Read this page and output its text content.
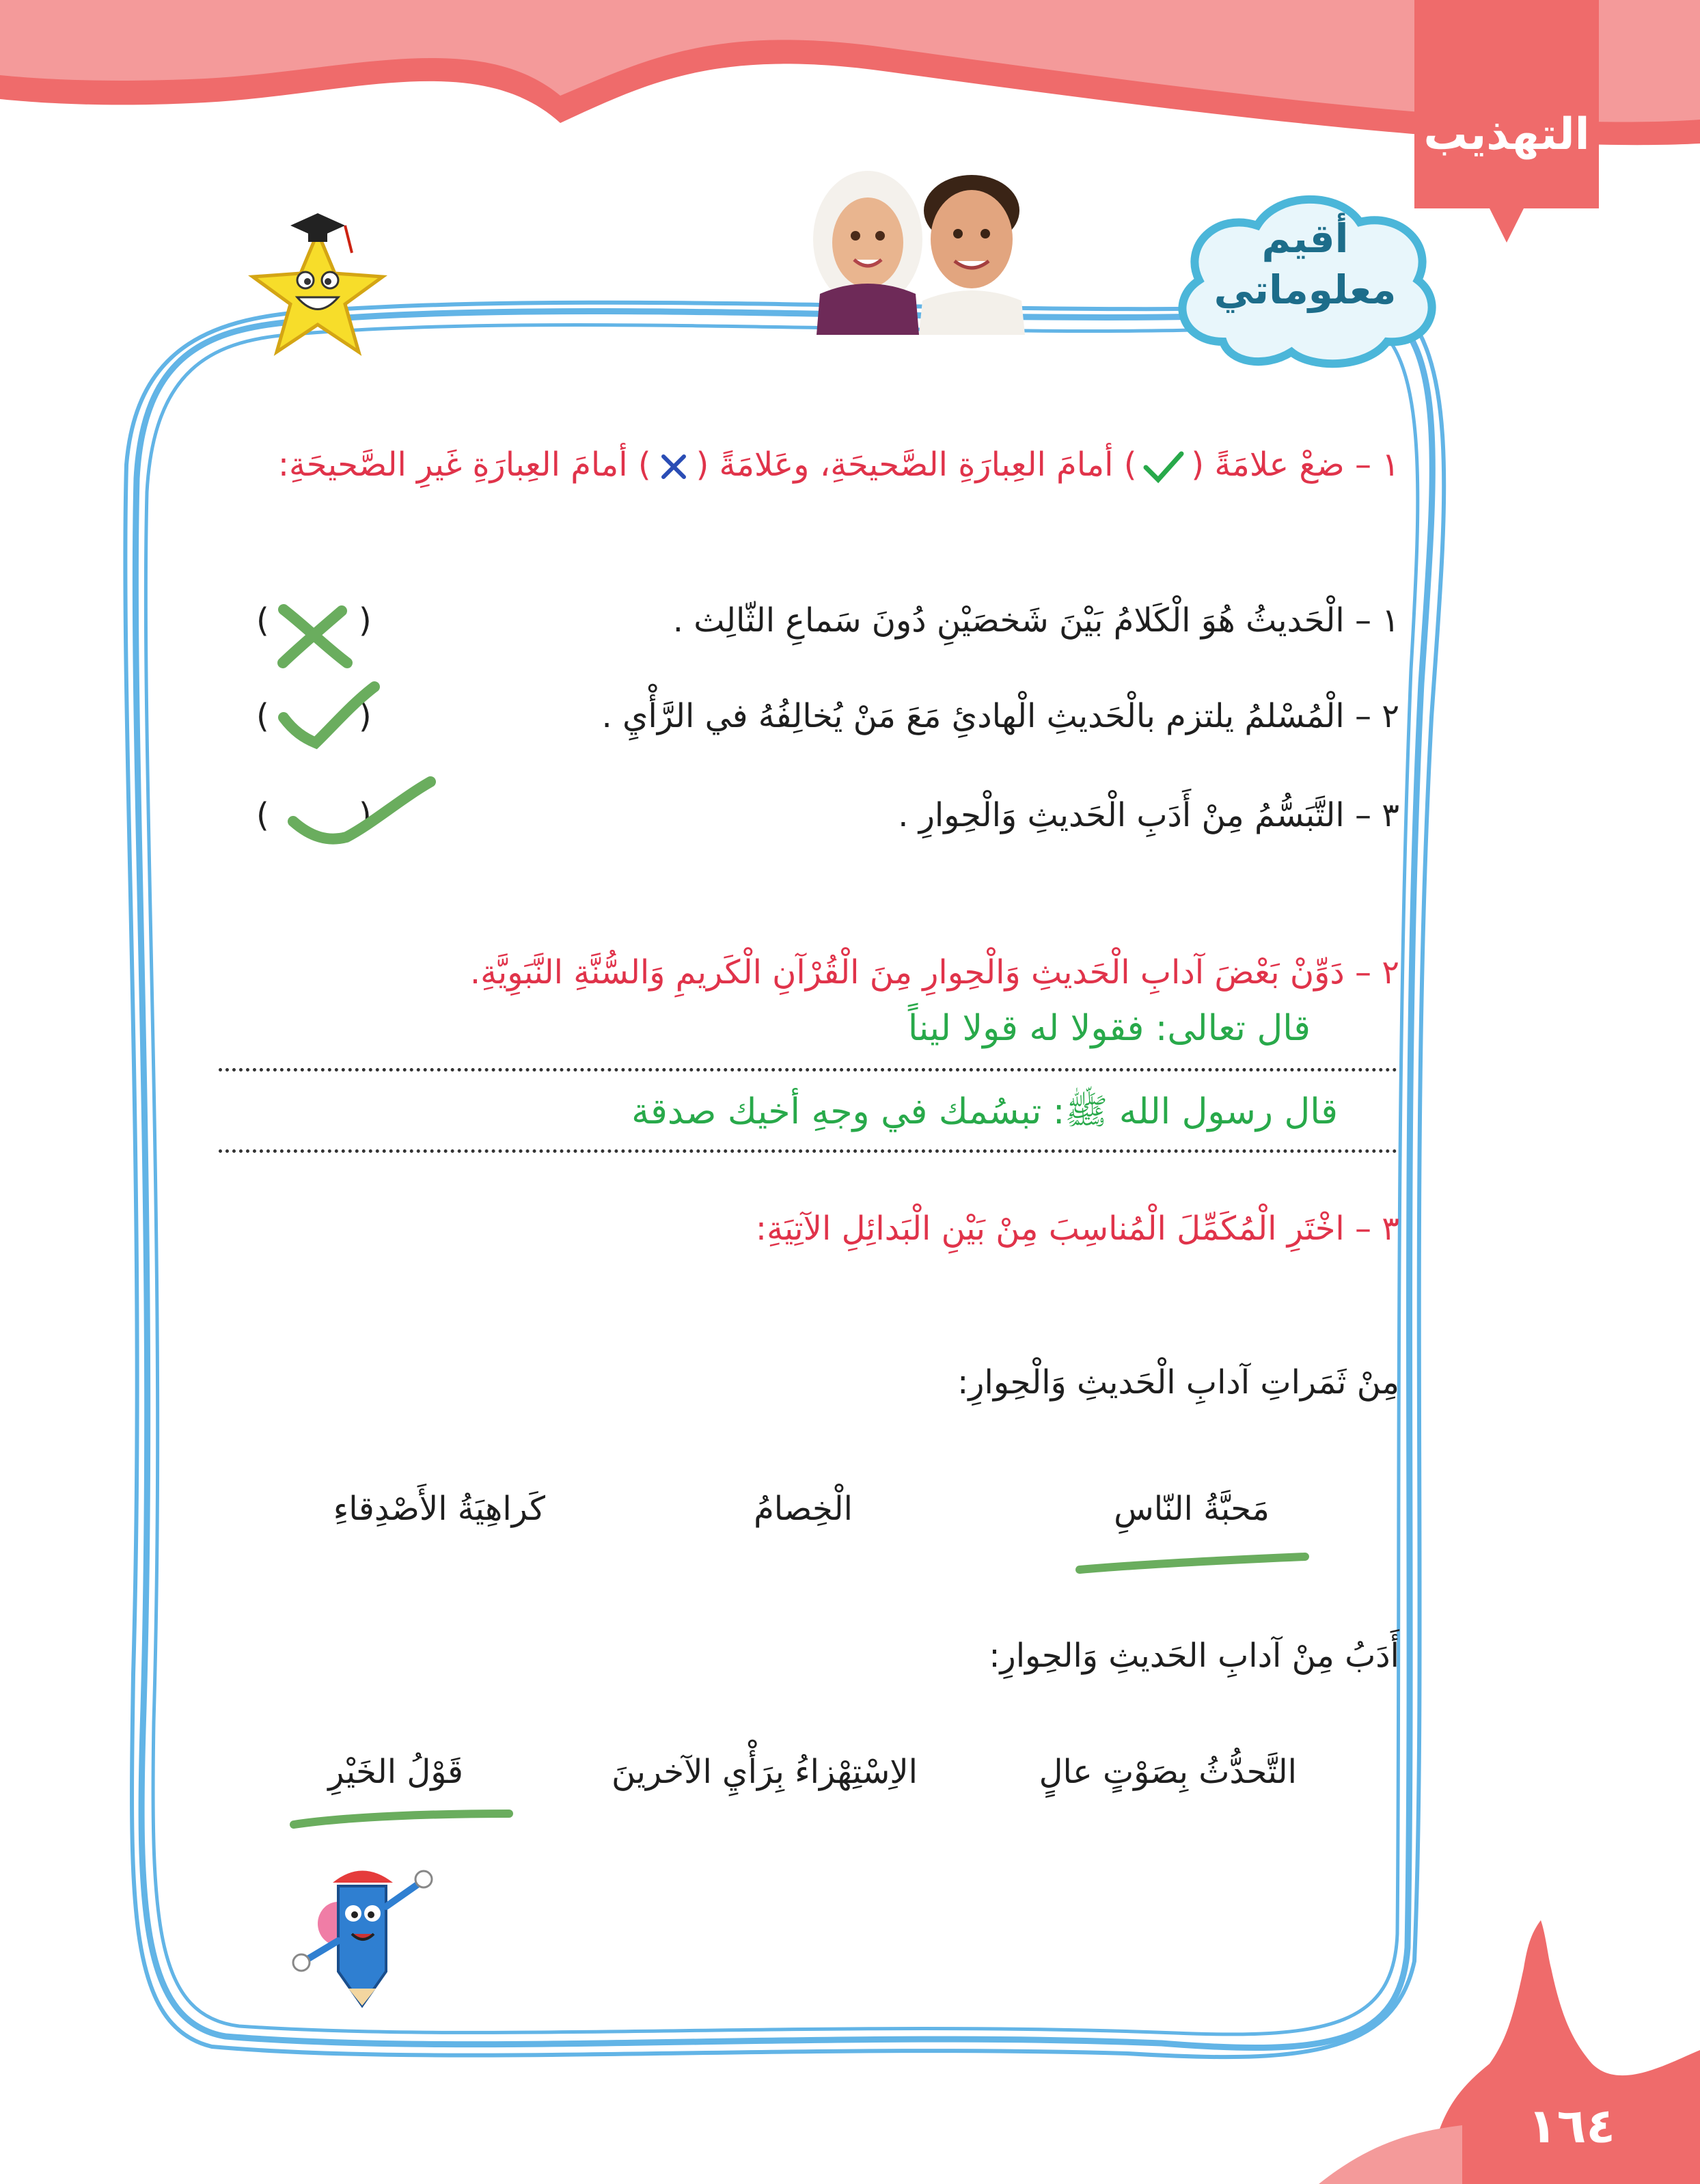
التهذيب
أقيم
معلوماتي
١ – ضعْ علامَةً () أمامَ العِبارَةِ الصَّحيحَةِ، وعَلامَةً () أمامَ العِبارَةِ غَيرِ الصَّحيحَةِ:
١ – الْحَديثُ هُوَ الْكَلامُ بَيْنَ شَخصَيْنِ دُونَ سَماعِ الثّالِث .
(
)
٢ – الْمُسْلمُ يلتزم بالْحَديثِ الْهادئِ مَعَ مَنْ يُخالِفُهُ في الرَّأْيِ .
(
)
٣ – التَّبَسُّمُ مِنْ أَدَبِ الْحَديثِ وَالْحِوارِ .
(
)
٢ – دَوِّنْ بَعْضَ آدابِ الْحَديثِ وَالْحِوارِ مِنَ الْقُرْآنِ الْكَريمِ وَالسُّنَّةِ النَّبَوِيَّةِ.
قال تعالى: فقولا له قولا ليناً
قال رسول الله ﷺ: تبسُمك في وجهِ أخيك صدقة
٣ – اخْتَرِ الْمُكَمِّلَ الْمُناسِبَ مِنْ بَيْنِ الْبَدائِلِ الآتِيَةِ:
مِنْ ثَمَراتِ آدابِ الْحَديثِ وَالْحِوارِ:
مَحبَّةُ النّاسِ
الْخِصامُ
كَراهِيَةُ الأَصْدِقاءِ
أَدَبُ مِنْ آدابِ الحَديثِ وَالحِوارِ:
التَّحدُّثُ بِصَوْتٍ عالٍ
الاِسْتِهْزاءُ بِرَأْيِ الآخرينَ
قَوْلُ الخَيْرِ
١٦٤
